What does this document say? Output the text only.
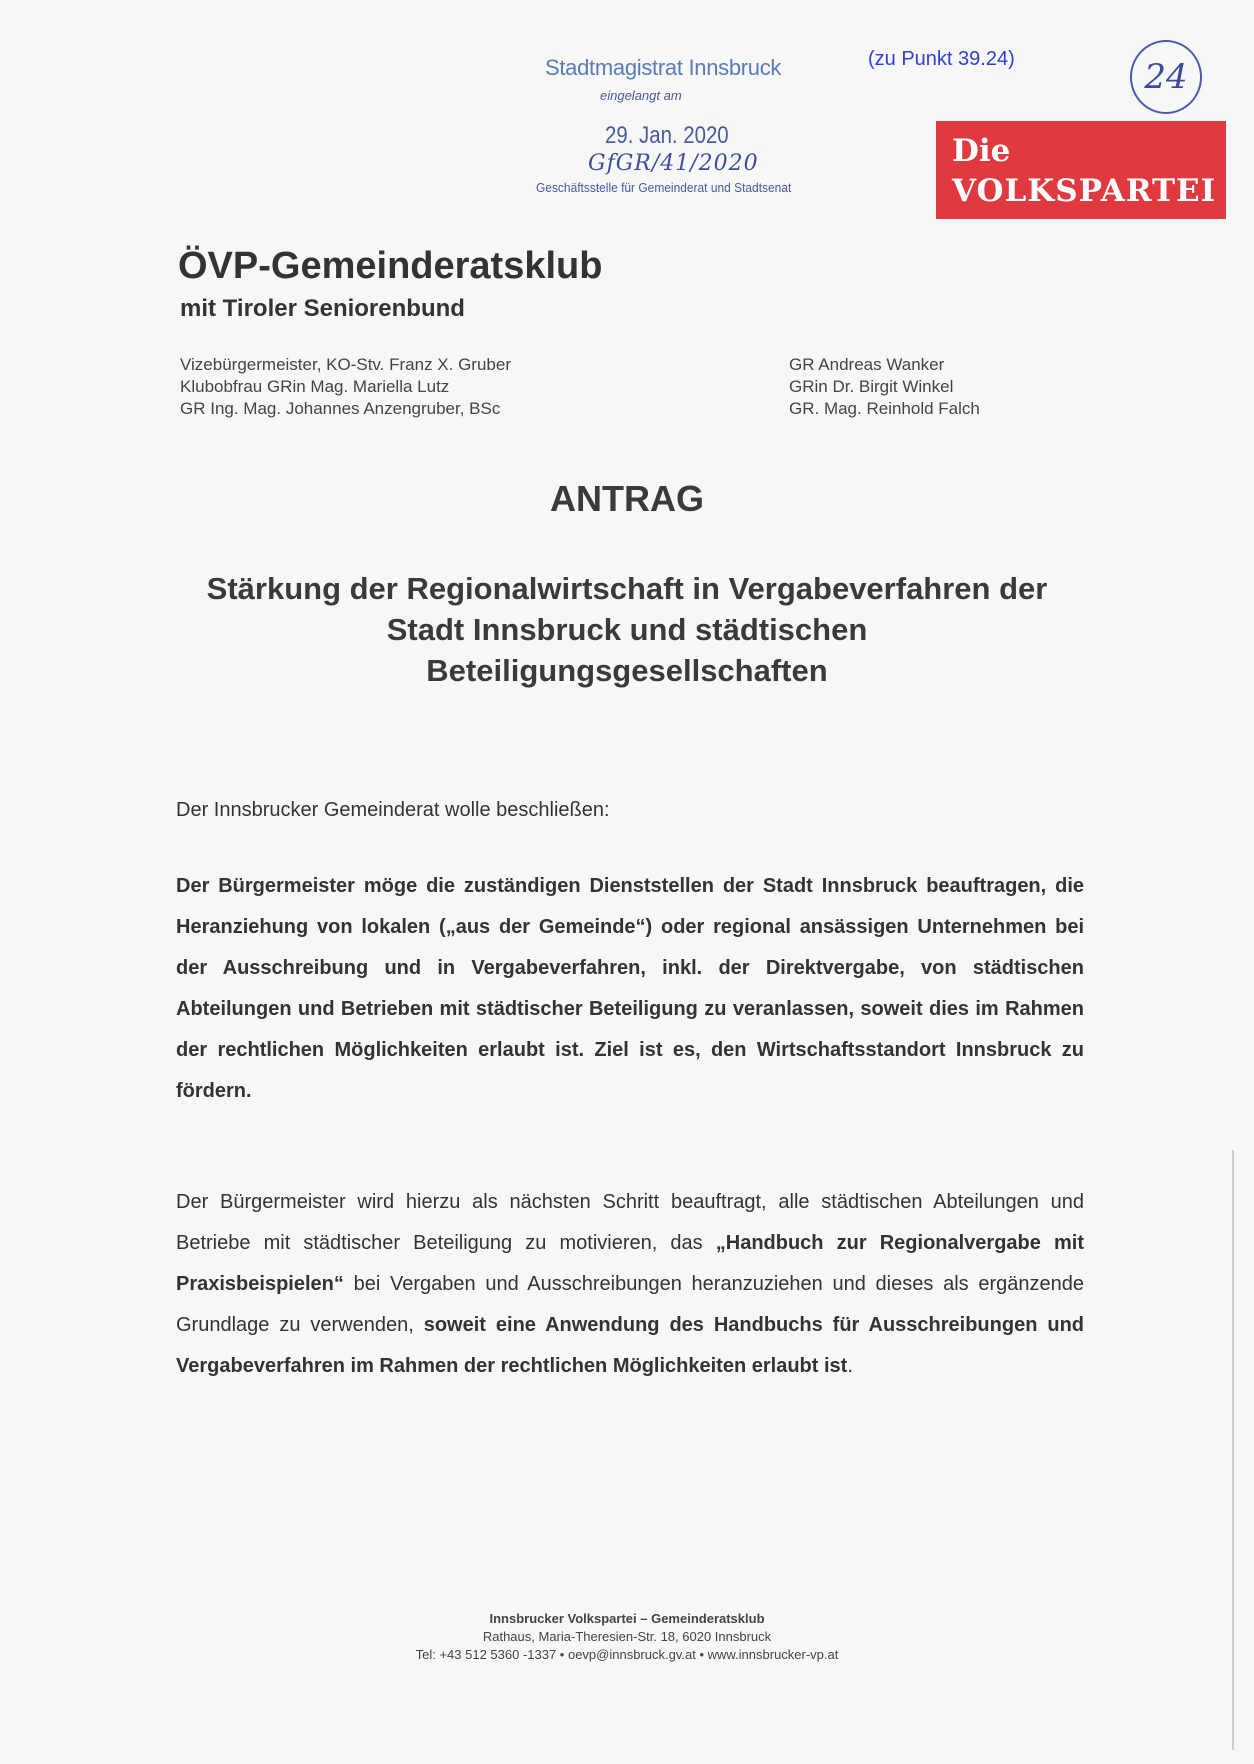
Stadtmagistrat Innsbruck
eingelangt am
29. Jan. 2020
GfGR/41/2020
Geschäftsstelle für Gemeinderat und Stadtsenat
(zu Punkt 39.24)	24
Die
VOLKSPARTEI
ÖVP-Gemeinderatsklub
mit Tiroler Seniorenbund
Vizebürgermeister, KO-Stv. Franz X. Gruber
Klubobfrau GRin Mag. Mariella Lutz
GR Ing. Mag. Johannes Anzengruber, BSc
GR Andreas Wanker
GRin Dr. Birgit Winkel
GR. Mag. Reinhold Falch
ANTRAG
Stärkung der Regionalwirtschaft in Vergabeverfahren der Stadt Innsbruck und städtischen Beteiligungsgesellschaften
Der Innsbrucker Gemeinderat wolle beschließen:
Der Bürgermeister möge die zuständigen Dienststellen der Stadt Innsbruck beauftragen, die Heranziehung von lokalen („aus der Gemeinde“) oder regional ansässigen Unternehmen bei der Ausschreibung und in Vergabeverfahren, inkl. der Direktvergabe, von städtischen Abteilungen und Betrieben mit städtischer Beteiligung zu veranlassen, soweit dies im Rahmen der rechtlichen Möglichkeiten erlaubt ist. Ziel ist es, den Wirtschaftsstandort Innsbruck zu fördern.
Der Bürgermeister wird hierzu als nächsten Schritt beauftragt, alle städtischen Abteilungen und Betriebe mit städtischer Beteiligung zu motivieren, das „Handbuch zur Regionalvergabe mit Praxisbeispielen“ bei Vergaben und Ausschreibungen heranzuziehen und dieses als ergänzende Grundlage zu verwenden, soweit eine Anwendung des Handbuchs für Ausschreibungen und Vergabeverfahren im Rahmen der rechtlichen Möglichkeiten erlaubt ist.
Innsbrucker Volkspartei – Gemeinderatsklub
Rathaus, Maria-Theresien-Str. 18, 6020 Innsbruck
Tel: +43 512 5360 -1337 • oevp@innsbruck.gv.at • www.innsbrucker-vp.at
